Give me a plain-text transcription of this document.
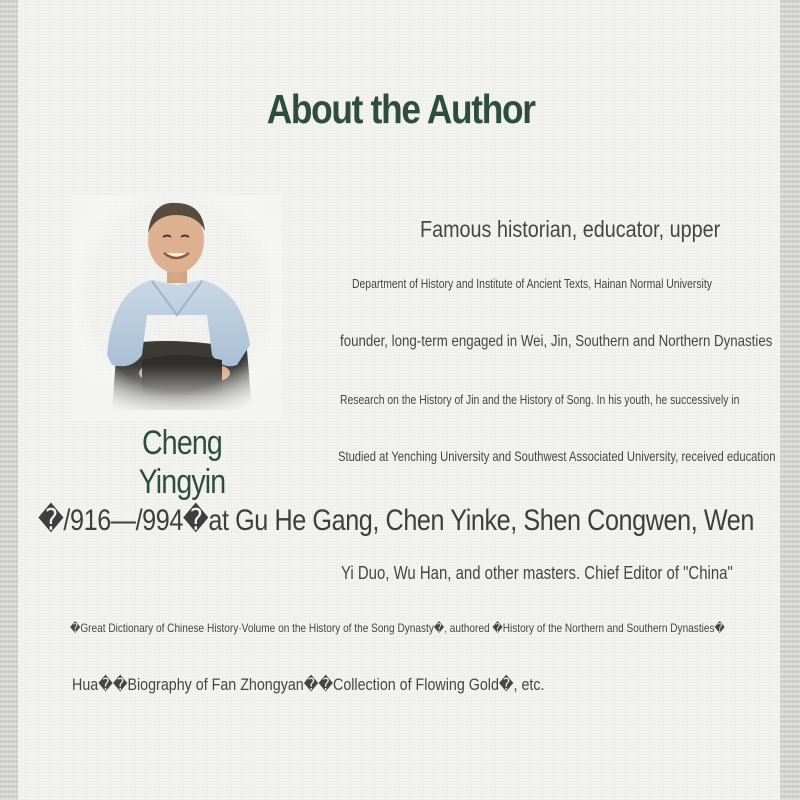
About the Author
Cheng Yingyin
Famous historian, educator, upper
Department of History and Institute of Ancient Texts, Hainan Normal University
founder, long-term engaged in Wei, Jin, Southern and Northern Dynasties
Research on the History of Jin and the History of Song. In his youth, he successively in
Studied at Yenching University and Southwest Associated University, received education
�/916—/994�at Gu He Gang, Chen Yinke, Shen Congwen, Wen
Yi Duo, Wu Han, and other masters. Chief Editor of "China"
�Great Dictionary of Chinese History·Volume on the History of the Song Dynasty�, authored �History of the Northern and Southern Dynasties�
Hua��Biography of Fan Zhongyan��Collection of Flowing Gold�, etc.
